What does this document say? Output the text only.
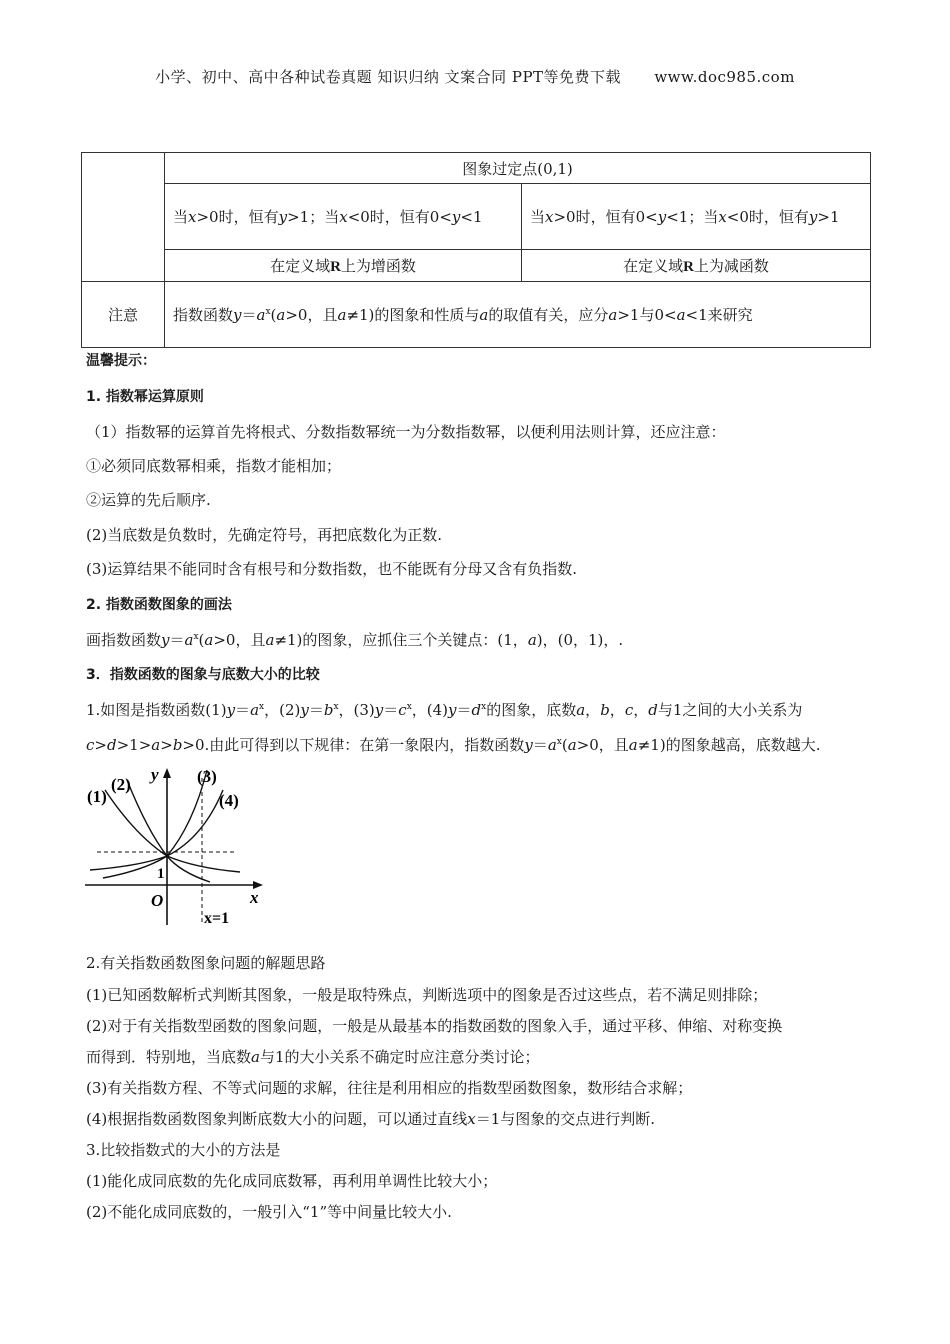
小学、初中、高中各种试卷真题 知识归纳 文案合同 PPT等免费下载 www.doc985.com
	图象过定点(0,1)	
	当x>0时，恒有y>1；当x<0时，恒有0<y<1	当x>0时，恒有0<y<1；当x<0时，恒有y>1
	在定义域R上为增函数	在定义域R上为减函数
注意	指数函数$y=a^x(a>0$，且a≠1)的图象和性质与a的取值有关，应分a>1与0<a<1来研究	
温馨提示：
1. 指数幂运算原则
（1）指数幂的运算首先将根式、分数指数幂统一为分数指数幂，以便利用法则计算，还应注意：
①必须同底数幂相乘，指数才能相加；
②运算的先后顺序.
(2)当底数是负数时，先确定符号，再把底数化为正数.
(3)运算结果不能同时含有根号和分数指数，也不能既有分母又含有负指数.
2. 指数函数图象的画法
画指数函数$y=a^x(a>0$，且a≠1)的图象，应抓住三个关键点：(1，a)，(0，1)，.
3．指数函数的图象与底数大小的比较
1.如图是指数函数$(1)y=a^x$，$(2)y=b^x$，$(3)y=c^x$，$(4)y=d^x$的图象，底数a，b，c，d与1之间的大小关系为
c>d>1>a>b>0.由此可得到以下规律：在第一象限内，指数函数$y=a^x(a>0$，且a≠1)的图象越高，底数越大.
(1)
(2)	(3)
(4)
y
x
O
1
x=1
2.有关指数函数图象问题的解题思路
(1)已知函数解析式判断其图象，一般是取特殊点，判断选项中的图象是否过这些点，若不满足则排除；
(2)对于有关指数型函数的图象问题，一般是从最基本的指数函数的图象入手，通过平移、伸缩、对称变换
而得到．特别地，当底数a与1的大小关系不确定时应注意分类讨论；
(3)有关指数方程、不等式问题的求解，往往是利用相应的指数型函数图象，数形结合求解；
(4)根据指数函数图象判断底数大小的问题，可以通过直线x＝1与图象的交点进行判断.
3.比较指数式的大小的方法是
(1)能化成同底数的先化成同底数幂，再利用单调性比较大小；
(2)不能化成同底数的，一般引入“1”等中间量比较大小.
